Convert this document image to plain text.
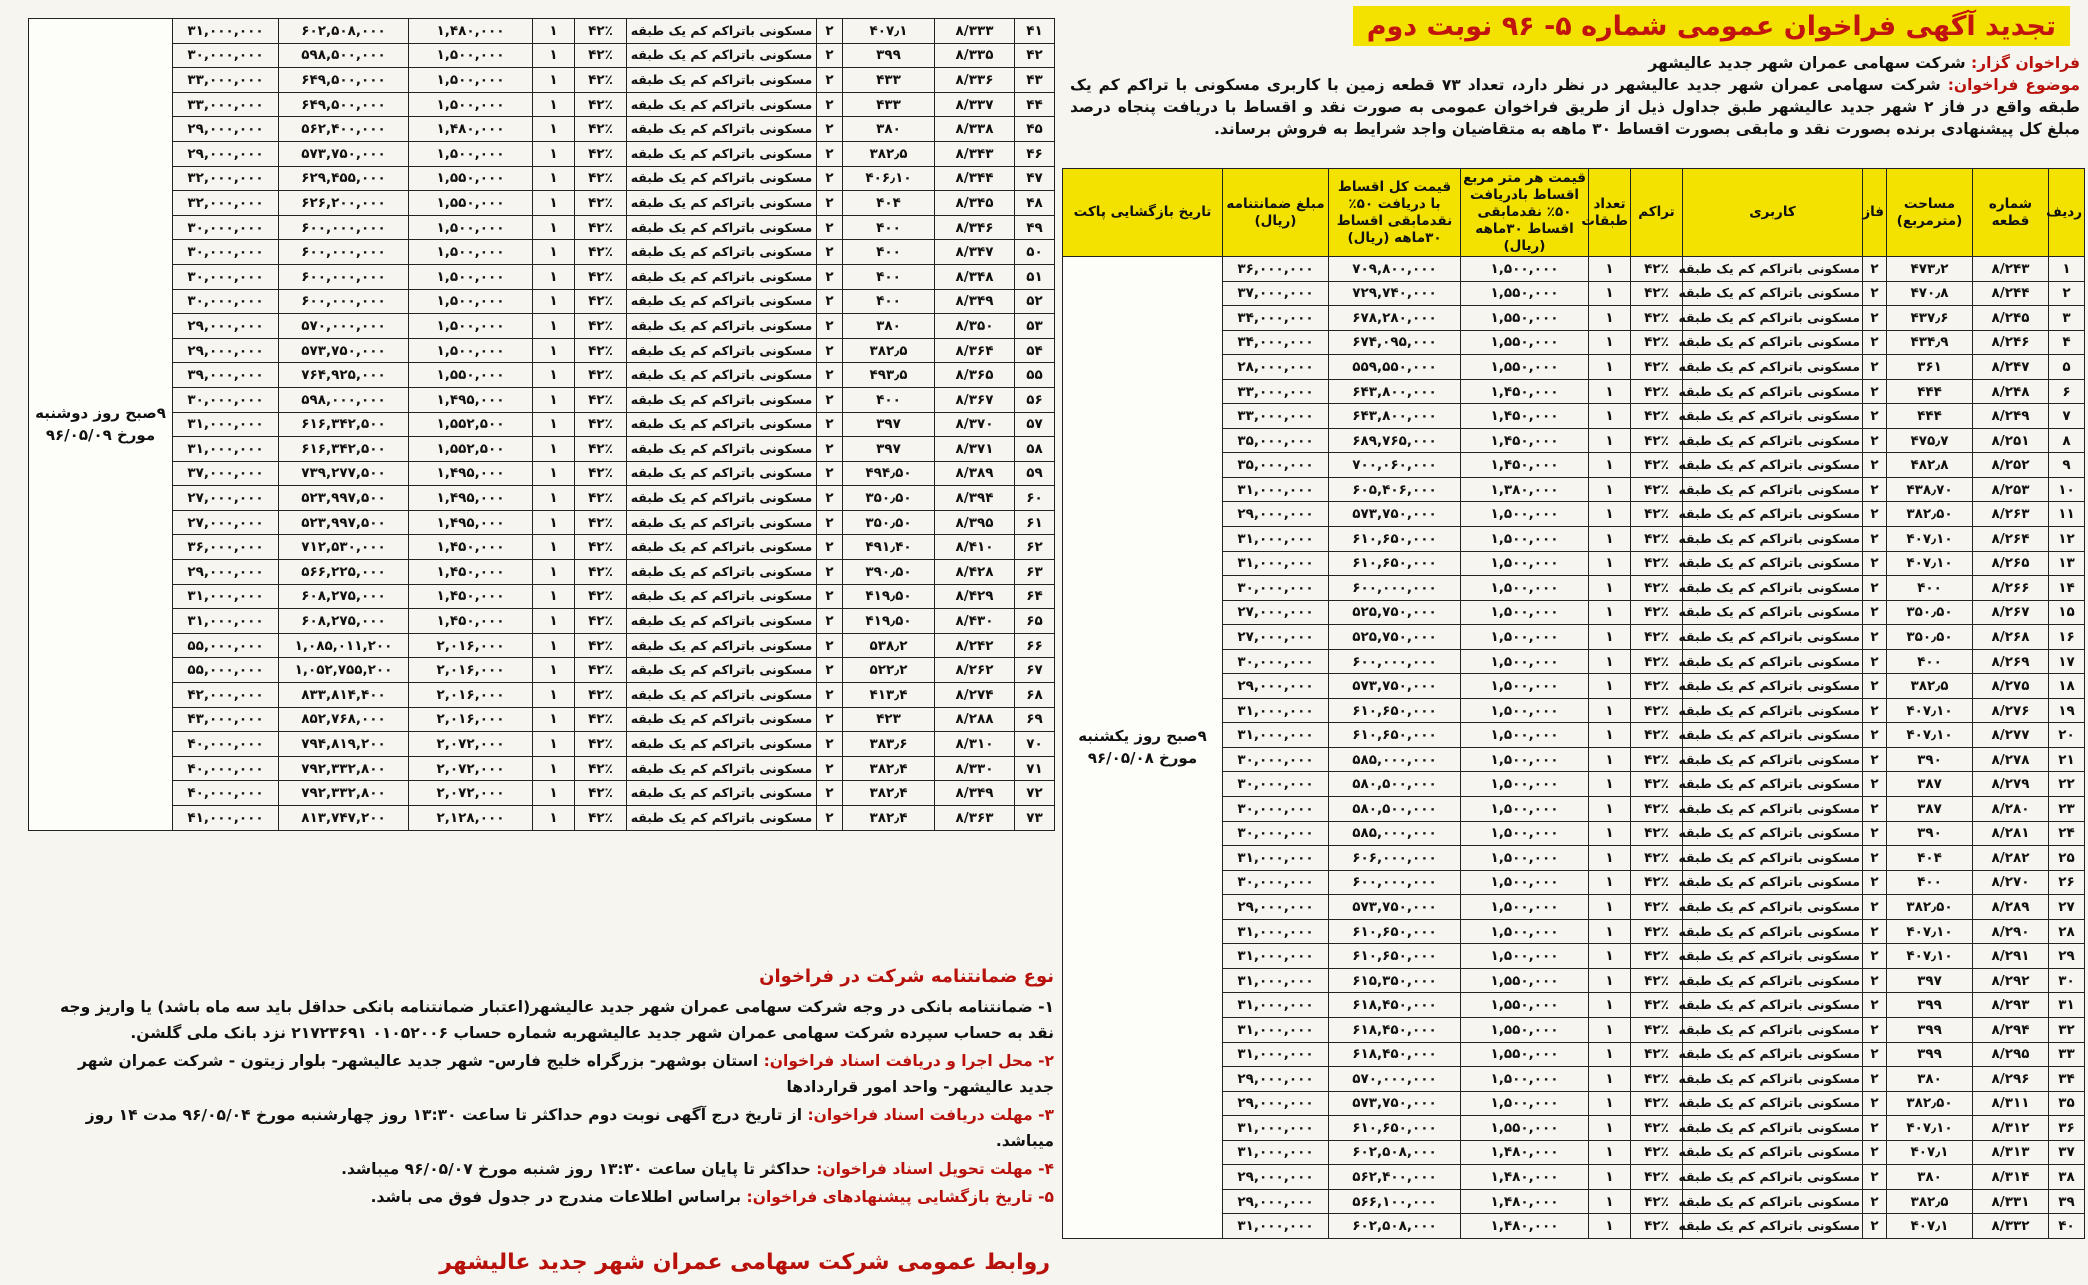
تجدید آگهی فراخوان عمومی شماره ۵- ۹۶ نوبت دوم
فراخوان گزار: شرکت سهامی عمران شهر جدید عالیشهر
موضوع فراخوان: شرکت سهامی عمران شهر جدید عالیشهر در نظر دارد، تعداد ۷۳ قطعه زمین با کاربری مسکونی با تراکم کم یک طبقه واقع در فاز ۲ شهر جدید عالیشهر طبق جداول ذیل از طریق فراخوان عمومی به صورت نقد و اقساط با دریافت پنجاه درصد مبلغ کل پیشنهادی برنده بصورت نقد و مابقی بصورت اقساط ۳۰ ماهه به متقاضیان واجد شرایط به فروش برساند.
ردیف	شماره قطعه	مساحت (مترمربع)	فاز	کاربری	تراکم	تعداد طبقات	قیمت هر متر مربع اقساط بادریافت ۵۰٪ نقدمابقی اقساط ۳۰ماهه (ریال)	قیمت کل اقساط با دریافت ۵۰٪ نقدمابقی اقساط ۳۰ماهه (ریال)	مبلغ ضمانتنامه (ریال)	تاریخ بازگشایی پاکت
۱	۸/۲۴۳	۴۷۳٫۲	۲	مسکونی باتراکم کم یک طبقه	۴۲٪	۱	۱,۵۰۰,۰۰۰	۷۰۹,۸۰۰,۰۰۰	۳۶,۰۰۰,۰۰۰	۹صبح روز یکشنبه مورخ ۹۶/۰۵/۰۸
۲	۸/۲۴۴	۴۷۰٫۸	۲	مسکونی باتراکم کم یک طبقه	۴۲٪	۱	۱,۵۵۰,۰۰۰	۷۲۹,۷۴۰,۰۰۰	۳۷,۰۰۰,۰۰۰	
۳	۸/۲۴۵	۴۳۷٫۶	۲	مسکونی باتراکم کم یک طبقه	۴۲٪	۱	۱,۵۵۰,۰۰۰	۶۷۸,۲۸۰,۰۰۰	۳۴,۰۰۰,۰۰۰	
۴	۸/۲۴۶	۴۳۴٫۹	۲	مسکونی باتراکم کم یک طبقه	۴۲٪	۱	۱,۵۵۰,۰۰۰	۶۷۴,۰۹۵,۰۰۰	۳۴,۰۰۰,۰۰۰	
۵	۸/۲۴۷	۳۶۱	۲	مسکونی باتراکم کم یک طبقه	۴۲٪	۱	۱,۵۵۰,۰۰۰	۵۵۹,۵۵۰,۰۰۰	۲۸,۰۰۰,۰۰۰	
۶	۸/۲۴۸	۴۴۴	۲	مسکونی باتراکم کم یک طبقه	۴۲٪	۱	۱,۴۵۰,۰۰۰	۶۴۳,۸۰۰,۰۰۰	۳۳,۰۰۰,۰۰۰	
۷	۸/۲۴۹	۴۴۴	۲	مسکونی باتراکم کم یک طبقه	۴۲٪	۱	۱,۴۵۰,۰۰۰	۶۴۳,۸۰۰,۰۰۰	۳۳,۰۰۰,۰۰۰	
۸	۸/۲۵۱	۴۷۵٫۷	۲	مسکونی باتراکم کم یک طبقه	۴۲٪	۱	۱,۴۵۰,۰۰۰	۶۸۹,۷۶۵,۰۰۰	۳۵,۰۰۰,۰۰۰	
۹	۸/۲۵۲	۴۸۲٫۸	۲	مسکونی باتراکم کم یک طبقه	۴۲٪	۱	۱,۴۵۰,۰۰۰	۷۰۰,۰۶۰,۰۰۰	۳۵,۰۰۰,۰۰۰	
۱۰	۸/۲۵۳	۴۳۸٫۷۰	۲	مسکونی باتراکم کم یک طبقه	۴۲٪	۱	۱,۳۸۰,۰۰۰	۶۰۵,۴۰۶,۰۰۰	۳۱,۰۰۰,۰۰۰	
۱۱	۸/۲۶۳	۳۸۲٫۵۰	۲	مسکونی باتراکم کم یک طبقه	۴۲٪	۱	۱,۵۰۰,۰۰۰	۵۷۳,۷۵۰,۰۰۰	۲۹,۰۰۰,۰۰۰	
۱۲	۸/۲۶۴	۴۰۷٫۱۰	۲	مسکونی باتراکم کم یک طبقه	۴۲٪	۱	۱,۵۰۰,۰۰۰	۶۱۰,۶۵۰,۰۰۰	۳۱,۰۰۰,۰۰۰	
۱۳	۸/۲۶۵	۴۰۷٫۱۰	۲	مسکونی باتراکم کم یک طبقه	۴۲٪	۱	۱,۵۰۰,۰۰۰	۶۱۰,۶۵۰,۰۰۰	۳۱,۰۰۰,۰۰۰	
۱۴	۸/۲۶۶	۴۰۰	۲	مسکونی باتراکم کم یک طبقه	۴۲٪	۱	۱,۵۰۰,۰۰۰	۶۰۰,۰۰۰,۰۰۰	۳۰,۰۰۰,۰۰۰	
۱۵	۸/۲۶۷	۳۵۰٫۵۰	۲	مسکونی باتراکم کم یک طبقه	۴۲٪	۱	۱,۵۰۰,۰۰۰	۵۲۵,۷۵۰,۰۰۰	۲۷,۰۰۰,۰۰۰	
۱۶	۸/۲۶۸	۳۵۰٫۵۰	۲	مسکونی باتراکم کم یک طبقه	۴۲٪	۱	۱,۵۰۰,۰۰۰	۵۲۵,۷۵۰,۰۰۰	۲۷,۰۰۰,۰۰۰	
۱۷	۸/۲۶۹	۴۰۰	۲	مسکونی باتراکم کم یک طبقه	۴۲٪	۱	۱,۵۰۰,۰۰۰	۶۰۰,۰۰۰,۰۰۰	۳۰,۰۰۰,۰۰۰	
۱۸	۸/۲۷۵	۳۸۲٫۵	۲	مسکونی باتراکم کم یک طبقه	۴۲٪	۱	۱,۵۰۰,۰۰۰	۵۷۳,۷۵۰,۰۰۰	۲۹,۰۰۰,۰۰۰	
۱۹	۸/۲۷۶	۴۰۷٫۱۰	۲	مسکونی باتراکم کم یک طبقه	۴۲٪	۱	۱,۵۰۰,۰۰۰	۶۱۰,۶۵۰,۰۰۰	۳۱,۰۰۰,۰۰۰	
۲۰	۸/۲۷۷	۴۰۷٫۱۰	۲	مسکونی باتراکم کم یک طبقه	۴۲٪	۱	۱,۵۰۰,۰۰۰	۶۱۰,۶۵۰,۰۰۰	۳۱,۰۰۰,۰۰۰	
۲۱	۸/۲۷۸	۳۹۰	۲	مسکونی باتراکم کم یک طبقه	۴۲٪	۱	۱,۵۰۰,۰۰۰	۵۸۵,۰۰۰,۰۰۰	۳۰,۰۰۰,۰۰۰	
۲۲	۸/۲۷۹	۳۸۷	۲	مسکونی باتراکم کم یک طبقه	۴۲٪	۱	۱,۵۰۰,۰۰۰	۵۸۰,۵۰۰,۰۰۰	۳۰,۰۰۰,۰۰۰	
۲۳	۸/۲۸۰	۳۸۷	۲	مسکونی باتراکم کم یک طبقه	۴۲٪	۱	۱,۵۰۰,۰۰۰	۵۸۰,۵۰۰,۰۰۰	۳۰,۰۰۰,۰۰۰	
۲۴	۸/۲۸۱	۳۹۰	۲	مسکونی باتراکم کم یک طبقه	۴۲٪	۱	۱,۵۰۰,۰۰۰	۵۸۵,۰۰۰,۰۰۰	۳۰,۰۰۰,۰۰۰	
۲۵	۸/۲۸۲	۴۰۴	۲	مسکونی باتراکم کم یک طبقه	۴۲٪	۱	۱,۵۰۰,۰۰۰	۶۰۶,۰۰۰,۰۰۰	۳۱,۰۰۰,۰۰۰	
۲۶	۸/۲۷۰	۴۰۰	۲	مسکونی باتراکم کم یک طبقه	۴۲٪	۱	۱,۵۰۰,۰۰۰	۶۰۰,۰۰۰,۰۰۰	۳۰,۰۰۰,۰۰۰	
۲۷	۸/۲۸۹	۳۸۲٫۵۰	۲	مسکونی باتراکم کم یک طبقه	۴۲٪	۱	۱,۵۰۰,۰۰۰	۵۷۳,۷۵۰,۰۰۰	۲۹,۰۰۰,۰۰۰	
۲۸	۸/۲۹۰	۴۰۷٫۱۰	۲	مسکونی باتراکم کم یک طبقه	۴۲٪	۱	۱,۵۰۰,۰۰۰	۶۱۰,۶۵۰,۰۰۰	۳۱,۰۰۰,۰۰۰	
۲۹	۸/۲۹۱	۴۰۷٫۱۰	۲	مسکونی باتراکم کم یک طبقه	۴۲٪	۱	۱,۵۰۰,۰۰۰	۶۱۰,۶۵۰,۰۰۰	۳۱,۰۰۰,۰۰۰	
۳۰	۸/۲۹۲	۳۹۷	۲	مسکونی باتراکم کم یک طبقه	۴۲٪	۱	۱,۵۵۰,۰۰۰	۶۱۵,۳۵۰,۰۰۰	۳۱,۰۰۰,۰۰۰	
۳۱	۸/۲۹۳	۳۹۹	۲	مسکونی باتراکم کم یک طبقه	۴۲٪	۱	۱,۵۵۰,۰۰۰	۶۱۸,۴۵۰,۰۰۰	۳۱,۰۰۰,۰۰۰	
۳۲	۸/۲۹۴	۳۹۹	۲	مسکونی باتراکم کم یک طبقه	۴۲٪	۱	۱,۵۵۰,۰۰۰	۶۱۸,۴۵۰,۰۰۰	۳۱,۰۰۰,۰۰۰	
۳۳	۸/۲۹۵	۳۹۹	۲	مسکونی باتراکم کم یک طبقه	۴۲٪	۱	۱,۵۵۰,۰۰۰	۶۱۸,۴۵۰,۰۰۰	۳۱,۰۰۰,۰۰۰	
۳۴	۸/۲۹۶	۳۸۰	۲	مسکونی باتراکم کم یک طبقه	۴۲٪	۱	۱,۵۰۰,۰۰۰	۵۷۰,۰۰۰,۰۰۰	۲۹,۰۰۰,۰۰۰	
۳۵	۸/۳۱۱	۳۸۲٫۵۰	۲	مسکونی باتراکم کم یک طبقه	۴۲٪	۱	۱,۵۰۰,۰۰۰	۵۷۳,۷۵۰,۰۰۰	۲۹,۰۰۰,۰۰۰	
۳۶	۸/۳۱۲	۴۰۷٫۱۰	۲	مسکونی باتراکم کم یک طبقه	۴۲٪	۱	۱,۵۵۰,۰۰۰	۶۱۰,۶۵۰,۰۰۰	۳۱,۰۰۰,۰۰۰	
۳۷	۸/۳۱۳	۴۰۷٫۱	۲	مسکونی باتراکم کم یک طبقه	۴۲٪	۱	۱,۴۸۰,۰۰۰	۶۰۲,۵۰۸,۰۰۰	۳۱,۰۰۰,۰۰۰	
۳۸	۸/۳۱۴	۳۸۰	۲	مسکونی باتراکم کم یک طبقه	۴۲٪	۱	۱,۴۸۰,۰۰۰	۵۶۲,۴۰۰,۰۰۰	۲۹,۰۰۰,۰۰۰	
۳۹	۸/۳۳۱	۳۸۲٫۵	۲	مسکونی باتراکم کم یک طبقه	۴۲٪	۱	۱,۴۸۰,۰۰۰	۵۶۶,۱۰۰,۰۰۰	۲۹,۰۰۰,۰۰۰	
۴۰	۸/۳۳۲	۴۰۷٫۱	۲	مسکونی باتراکم کم یک طبقه	۴۲٪	۱	۱,۴۸۰,۰۰۰	۶۰۲,۵۰۸,۰۰۰	۳۱,۰۰۰,۰۰۰	
۴۱	۸/۳۳۳	۴۰۷٫۱	۲	مسکونی باتراکم کم یک طبقه	۴۲٪	۱	۱,۴۸۰,۰۰۰	۶۰۲,۵۰۸,۰۰۰	۳۱,۰۰۰,۰۰۰	۹صبح روز دوشنبه مورخ ۹۶/۰۵/۰۹
۴۲	۸/۳۳۵	۳۹۹	۲	مسکونی باتراکم کم یک طبقه	۴۲٪	۱	۱,۵۰۰,۰۰۰	۵۹۸,۵۰۰,۰۰۰	۳۰,۰۰۰,۰۰۰	
۴۳	۸/۳۳۶	۴۳۳	۲	مسکونی باتراکم کم یک طبقه	۴۲٪	۱	۱,۵۰۰,۰۰۰	۶۴۹,۵۰۰,۰۰۰	۳۳,۰۰۰,۰۰۰	
۴۴	۸/۳۳۷	۴۳۳	۲	مسکونی باتراکم کم یک طبقه	۴۲٪	۱	۱,۵۰۰,۰۰۰	۶۴۹,۵۰۰,۰۰۰	۳۳,۰۰۰,۰۰۰	
۴۵	۸/۳۳۸	۳۸۰	۲	مسکونی باتراکم کم یک طبقه	۴۲٪	۱	۱,۴۸۰,۰۰۰	۵۶۲,۴۰۰,۰۰۰	۲۹,۰۰۰,۰۰۰	
۴۶	۸/۳۴۳	۳۸۲٫۵	۲	مسکونی باتراکم کم یک طبقه	۴۲٪	۱	۱,۵۰۰,۰۰۰	۵۷۳,۷۵۰,۰۰۰	۲۹,۰۰۰,۰۰۰	
۴۷	۸/۳۴۴	۴۰۶٫۱۰	۲	مسکونی باتراکم کم یک طبقه	۴۲٪	۱	۱,۵۵۰,۰۰۰	۶۲۹,۴۵۵,۰۰۰	۳۲,۰۰۰,۰۰۰	
۴۸	۸/۳۴۵	۴۰۴	۲	مسکونی باتراکم کم یک طبقه	۴۲٪	۱	۱,۵۵۰,۰۰۰	۶۲۶,۲۰۰,۰۰۰	۳۲,۰۰۰,۰۰۰	
۴۹	۸/۳۴۶	۴۰۰	۲	مسکونی باتراکم کم یک طبقه	۴۲٪	۱	۱,۵۰۰,۰۰۰	۶۰۰,۰۰۰,۰۰۰	۳۰,۰۰۰,۰۰۰	
۵۰	۸/۳۴۷	۴۰۰	۲	مسکونی باتراکم کم یک طبقه	۴۲٪	۱	۱,۵۰۰,۰۰۰	۶۰۰,۰۰۰,۰۰۰	۳۰,۰۰۰,۰۰۰	
۵۱	۸/۳۴۸	۴۰۰	۲	مسکونی باتراکم کم یک طبقه	۴۲٪	۱	۱,۵۰۰,۰۰۰	۶۰۰,۰۰۰,۰۰۰	۳۰,۰۰۰,۰۰۰	
۵۲	۸/۳۴۹	۴۰۰	۲	مسکونی باتراکم کم یک طبقه	۴۲٪	۱	۱,۵۰۰,۰۰۰	۶۰۰,۰۰۰,۰۰۰	۳۰,۰۰۰,۰۰۰	
۵۳	۸/۳۵۰	۳۸۰	۲	مسکونی باتراکم کم یک طبقه	۴۲٪	۱	۱,۵۰۰,۰۰۰	۵۷۰,۰۰۰,۰۰۰	۲۹,۰۰۰,۰۰۰	
۵۴	۸/۳۶۴	۳۸۲٫۵	۲	مسکونی باتراکم کم یک طبقه	۴۲٪	۱	۱,۵۰۰,۰۰۰	۵۷۳,۷۵۰,۰۰۰	۲۹,۰۰۰,۰۰۰	
۵۵	۸/۳۶۵	۴۹۳٫۵	۲	مسکونی باتراکم کم یک طبقه	۴۲٪	۱	۱,۵۵۰,۰۰۰	۷۶۴,۹۲۵,۰۰۰	۳۹,۰۰۰,۰۰۰	
۵۶	۸/۳۶۷	۴۰۰	۲	مسکونی باتراکم کم یک طبقه	۴۲٪	۱	۱,۴۹۵,۰۰۰	۵۹۸,۰۰۰,۰۰۰	۳۰,۰۰۰,۰۰۰	
۵۷	۸/۳۷۰	۳۹۷	۲	مسکونی باتراکم کم یک طبقه	۴۲٪	۱	۱,۵۵۲,۵۰۰	۶۱۶,۳۴۲,۵۰۰	۳۱,۰۰۰,۰۰۰	
۵۸	۸/۳۷۱	۳۹۷	۲	مسکونی باتراکم کم یک طبقه	۴۲٪	۱	۱,۵۵۲,۵۰۰	۶۱۶,۳۴۲,۵۰۰	۳۱,۰۰۰,۰۰۰	
۵۹	۸/۳۸۹	۴۹۴٫۵۰	۲	مسکونی باتراکم کم یک طبقه	۴۲٪	۱	۱,۴۹۵,۰۰۰	۷۳۹,۲۷۷,۵۰۰	۳۷,۰۰۰,۰۰۰	
۶۰	۸/۳۹۴	۳۵۰٫۵۰	۲	مسکونی باتراکم کم یک طبقه	۴۲٪	۱	۱,۴۹۵,۰۰۰	۵۲۳,۹۹۷,۵۰۰	۲۷,۰۰۰,۰۰۰	
۶۱	۸/۳۹۵	۳۵۰٫۵۰	۲	مسکونی باتراکم کم یک طبقه	۴۲٪	۱	۱,۴۹۵,۰۰۰	۵۲۳,۹۹۷,۵۰۰	۲۷,۰۰۰,۰۰۰	
۶۲	۸/۴۱۰	۴۹۱٫۴۰	۲	مسکونی باتراکم کم یک طبقه	۴۲٪	۱	۱,۴۵۰,۰۰۰	۷۱۲,۵۳۰,۰۰۰	۳۶,۰۰۰,۰۰۰	
۶۳	۸/۴۲۸	۳۹۰٫۵۰	۲	مسکونی باتراکم کم یک طبقه	۴۲٪	۱	۱,۴۵۰,۰۰۰	۵۶۶,۲۲۵,۰۰۰	۲۹,۰۰۰,۰۰۰	
۶۴	۸/۴۲۹	۴۱۹٫۵۰	۲	مسکونی باتراکم کم یک طبقه	۴۲٪	۱	۱,۴۵۰,۰۰۰	۶۰۸,۲۷۵,۰۰۰	۳۱,۰۰۰,۰۰۰	
۶۵	۸/۴۳۰	۴۱۹٫۵۰	۲	مسکونی باتراکم کم یک طبقه	۴۲٪	۱	۱,۴۵۰,۰۰۰	۶۰۸,۲۷۵,۰۰۰	۳۱,۰۰۰,۰۰۰	
۶۶	۸/۲۴۲	۵۳۸٫۲	۲	مسکونی باتراکم کم یک طبقه	۴۲٪	۱	۲,۰۱۶,۰۰۰	۱,۰۸۵,۰۱۱,۲۰۰	۵۵,۰۰۰,۰۰۰	
۶۷	۸/۲۶۲	۵۲۲٫۲	۲	مسکونی باتراکم کم یک طبقه	۴۲٪	۱	۲,۰۱۶,۰۰۰	۱,۰۵۲,۷۵۵,۲۰۰	۵۵,۰۰۰,۰۰۰	
۶۸	۸/۲۷۴	۴۱۳٫۴	۲	مسکونی باتراکم کم یک طبقه	۴۲٪	۱	۲,۰۱۶,۰۰۰	۸۳۳,۸۱۴,۴۰۰	۴۲,۰۰۰,۰۰۰	
۶۹	۸/۲۸۸	۴۲۳	۲	مسکونی باتراکم کم یک طبقه	۴۲٪	۱	۲,۰۱۶,۰۰۰	۸۵۲,۷۶۸,۰۰۰	۴۳,۰۰۰,۰۰۰	
۷۰	۸/۳۱۰	۳۸۳٫۶	۲	مسکونی باتراکم کم یک طبقه	۴۲٪	۱	۲,۰۷۲,۰۰۰	۷۹۴,۸۱۹,۲۰۰	۴۰,۰۰۰,۰۰۰	
۷۱	۸/۳۳۰	۳۸۲٫۴	۲	مسکونی باتراکم کم یک طبقه	۴۲٪	۱	۲,۰۷۲,۰۰۰	۷۹۲,۳۳۲,۸۰۰	۴۰,۰۰۰,۰۰۰	
۷۲	۸/۳۴۹	۳۸۲٫۴	۲	مسکونی باتراکم کم یک طبقه	۴۲٪	۱	۲,۰۷۲,۰۰۰	۷۹۲,۳۳۲,۸۰۰	۴۰,۰۰۰,۰۰۰	
۷۳	۸/۳۶۳	۳۸۲٫۴	۲	مسکونی باتراکم کم یک طبقه	۴۲٪	۱	۲,۱۲۸,۰۰۰	۸۱۳,۷۴۷,۲۰۰	۴۱,۰۰۰,۰۰۰	
نوع ضمانتنامه شرکت در فراخوان
۱- ضمانتنامه بانکی در وجه شرکت سهامی عمران شهر جدید عالیشهر(اعتبار ضمانتنامه بانکی حداقل باید سه ماه باشد) یا واریز وجه نقد به حساب سپرده شرکت سهامی عمران شهر جدید عالیشهربه شماره حساب ۰۱۰۵۲۰۰۶ ۲۱۷۲۳۶۹۱ نزد بانک ملی گلشن.
۲- محل اجرا و دریافت اسناد فراخوان: استان بوشهر- بزرگراه خلیج فارس- شهر جدید عالیشهر- بلوار زیتون - شرکت عمران شهر جدید عالیشهر- واحد امور قراردادها
۳- مهلت دریافت اسناد فراخوان: از تاریخ درج آگهی نوبت دوم حداکثر تا ساعت ۱۳:۳۰ روز چهارشنبه مورخ ۹۶/۰۵/۰۴ مدت ۱۴ روز میباشد.
۴- مهلت تحویل اسناد فراخوان: حداکثر تا پایان ساعت ۱۳:۳۰ روز شنبه مورخ ۹۶/۰۵/۰۷ میباشد.
۵- تاریخ بازگشایی پیشنهادهای فراخوان: براساس اطلاعات مندرج در جدول فوق می باشد.
روابط عمومی شرکت سهامی عمران شهر جدید عالیشهر
